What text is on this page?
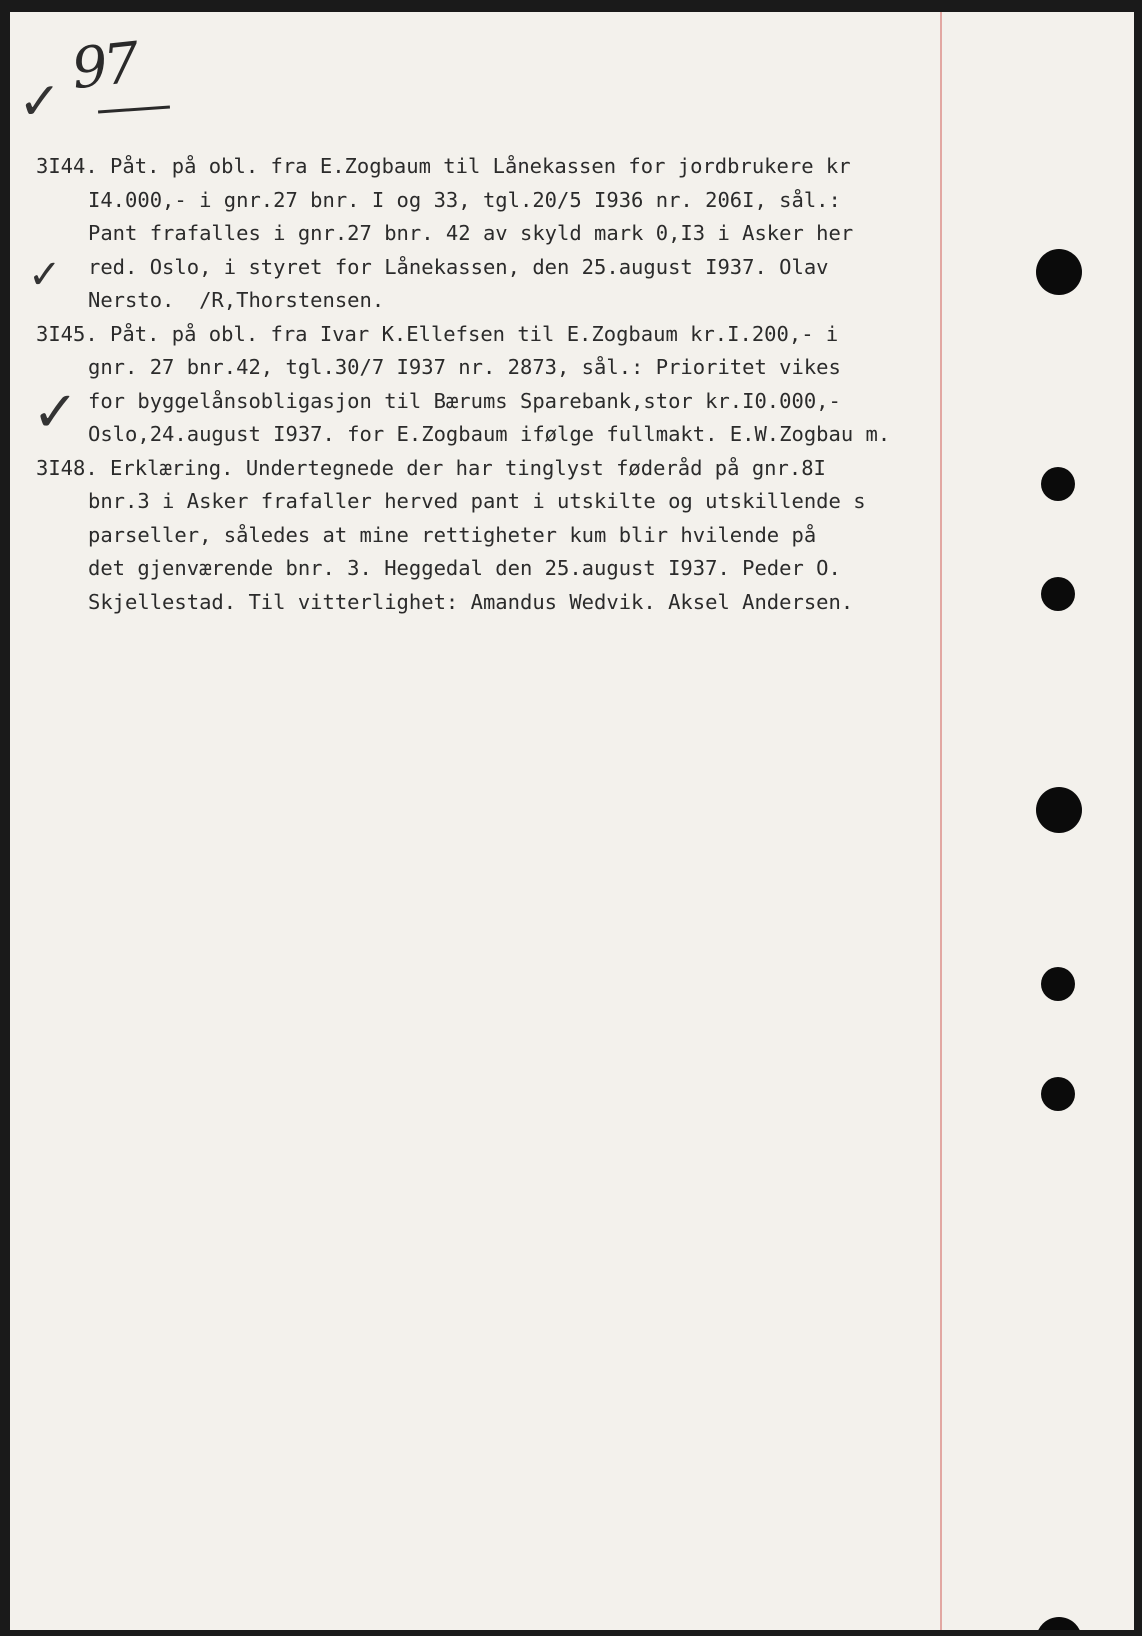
97
✓
✓
✓
3I44. Påt. på obl. fra E.Zogbaum til Lånekassen for jordbrukere kr
I4.000,- i gnr.27 bnr. I og 33, tgl.20/5 I936 nr. 206I, sål.:
Pant frafalles i gnr.27 bnr. 42 av skyld mark 0,I3 i Asker her
red. Oslo, i styret for Lånekassen, den 25.august I937. Olav
Nersto.  /R,Thorstensen.
3I45. Påt. på obl. fra Ivar K.Ellefsen til E.Zogbaum kr.I.200,- i
gnr. 27 bnr.42, tgl.30/7 I937 nr. 2873, sål.: Prioritet vikes
for byggelånsobligasjon til Bærums Sparebank,stor kr.I0.000,-
Oslo,24.august I937. for E.Zogbaum ifølge fullmakt. E.W.Zogbau m.
3I48. Erklæring. Undertegnede der har tinglyst føderåd på gnr.8I
bnr.3 i Asker frafaller herved pant i utskilte og utskillende s
parseller, således at mine rettigheter kum blir hvilende på
det gjenværende bnr. 3. Heggedal den 25.august I937. Peder O.
Skjellestad. Til vitterlighet: Amandus Wedvik. Aksel Andersen.
